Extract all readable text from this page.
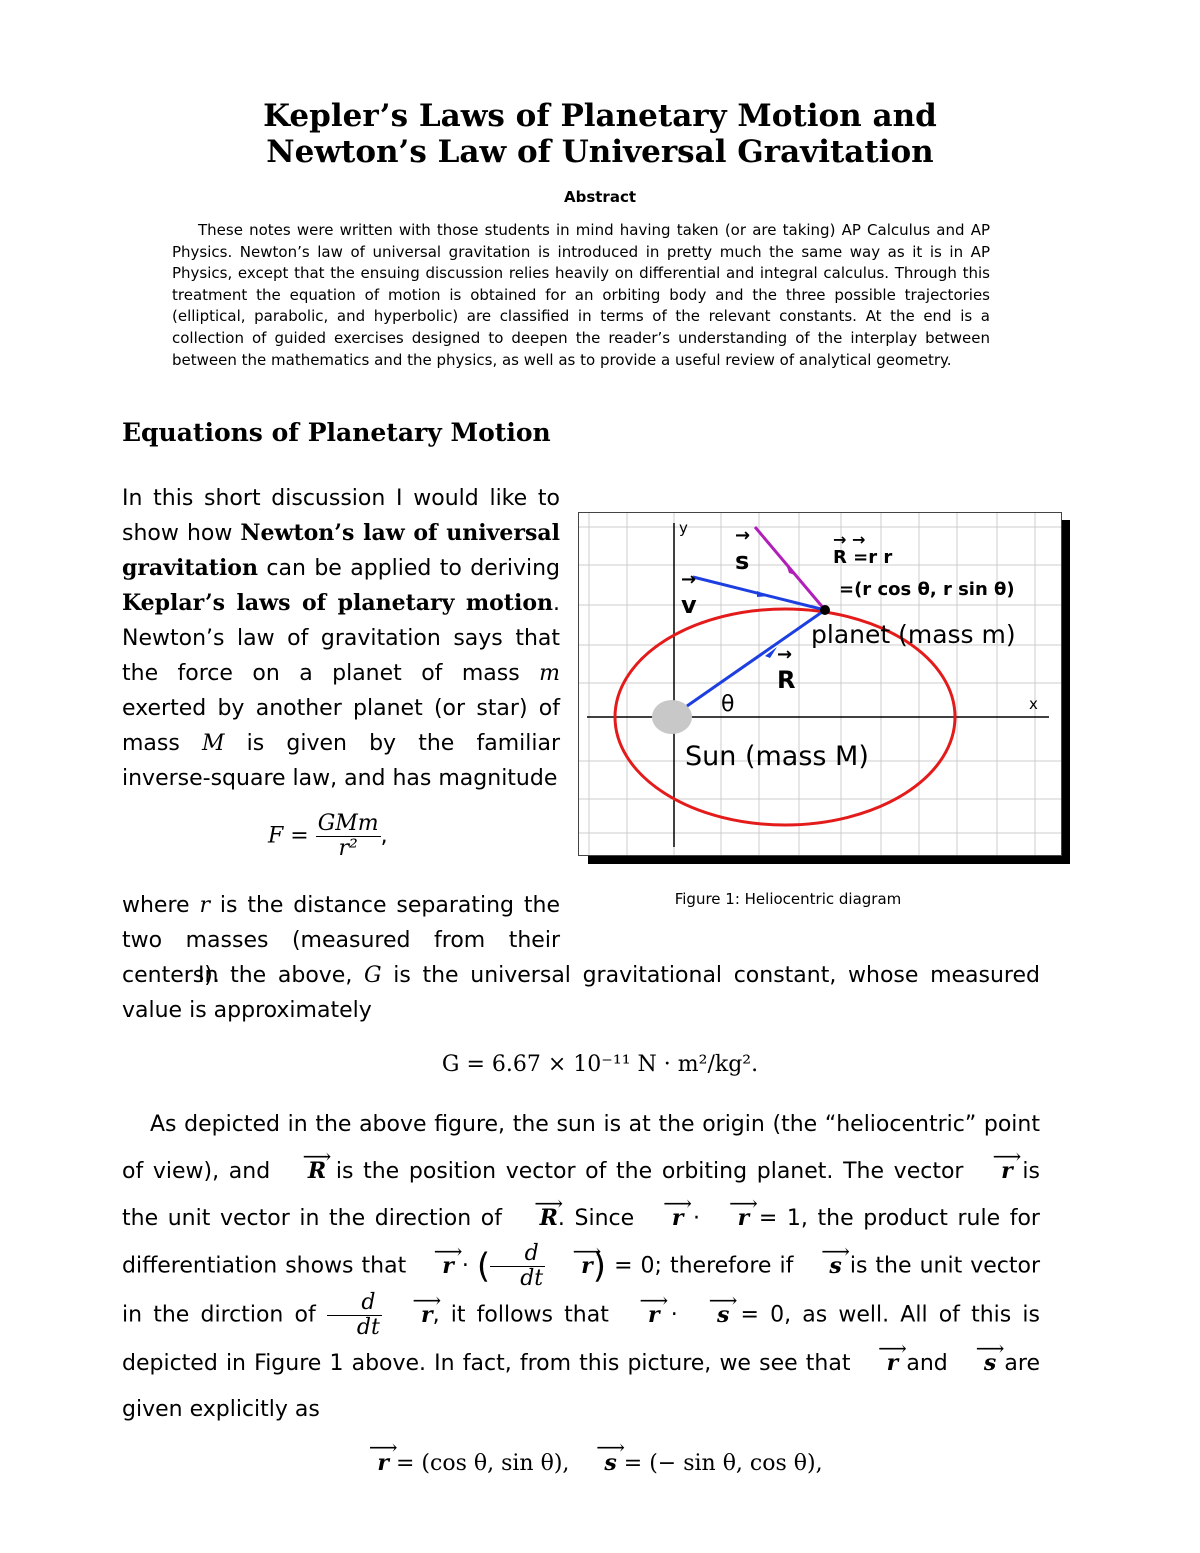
Kepler’s Laws of Planetary Motion and
Newton’s Law of Universal Gravitation
Abstract
These notes were written with those students in mind having taken (or are taking) AP Calculus and AP Physics. Newton’s law of universal gravitation is introduced in pretty much the same way as it is in AP Physics, except that the ensuing discussion relies heavily on differential and integral calculus. Through this treatment the equation of motion is obtained for an orbiting body and the three possible trajectories (elliptical, parabolic, and hyperbolic) are classified in terms of the relevant constants. At the end is a collection of guided exercises designed to deepen the reader’s understanding of the interplay between between the mathematics and the physics, as well as to provide a useful review of analytical geometry.
Equations of Planetary Motion
In this short discussion I would like to show how Newton’s law of universal gravitation can be applied to deriving Keplar’s laws of planetary motion. Newton’s law of gravitation says that the force on a planet of mass m exerted by another planet (or star) of mass M is given by the familiar inverse-square law, and has magnitude
$F = \frac{\text{GMm}}{\text{r²}}$ ,
where r is the distance separating the two masses (measured from their centers).
In the above, G is the universal gravitational constant, whose measured value is approximately
G = 6.67 × 10⁻¹¹ N · m²/kg².
As depicted in the above figure, the sun is at the origin (the “heliocentric” point of view), and ⟶ R is the position vector of the orbiting planet. The vector ⟶ r is the unit vector in the direction of ⟶ R. Since ⟶ r · ⟶ r = 1, the product rule for differentiation shows that ⟶ r · ( $\frac{d}{dt}$ ⟶ r) = 0; therefore if ⟶ s is the unit vector in the dirction of $\frac{d}{dt}$ ⟶ r, it follows that ⟶ r · ⟶ s = 0, as well. All of this is depicted in Figure 1 above. In fact, from this picture, we see that ⟶ r and ⟶ s are given explicitly as
⟶ r = (cos θ, sin θ),     ⟶ s = (− sin θ, cos θ),
y
x
s
→
R =r r
→ →
=(r cos θ, r sin θ)
v
→
planet (mass m)
R
→
θ
Sun (mass M)
Figure 1: Heliocentric diagram
